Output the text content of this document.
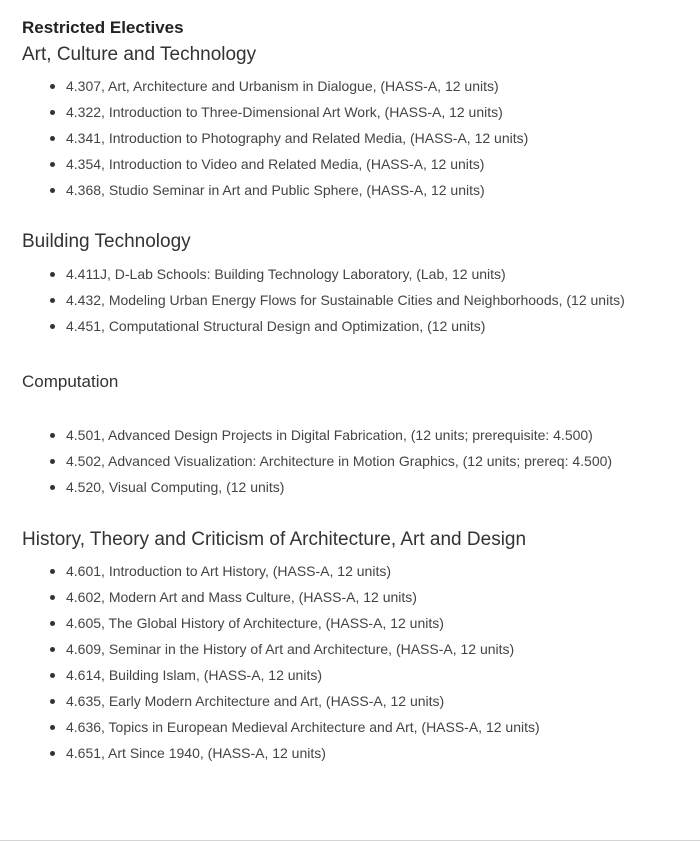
Restricted Electives
Art, Culture and Technology
4.307, Art, Architecture and Urbanism in Dialogue, (HASS-A, 12 units)
4.322, Introduction to Three-Dimensional Art Work, (HASS-A, 12 units)
4.341, Introduction to Photography and Related Media, (HASS-A, 12 units)
4.354, Introduction to Video and Related Media, (HASS-A, 12 units)
4.368, Studio Seminar in Art and Public Sphere, (HASS-A, 12 units)
Building Technology
4.411J, D-Lab Schools: Building Technology Laboratory, (Lab, 12 units)
4.432, Modeling Urban Energy Flows for Sustainable Cities and Neighborhoods, (12 units)
4.451, Computational Structural Design and Optimization, (12 units)
Computation
4.501, Advanced Design Projects in Digital Fabrication, (12 units; prerequisite: 4.500)
4.502, Advanced Visualization: Architecture in Motion Graphics, (12 units; prereq: 4.500)
4.520, Visual Computing, (12 units)
History, Theory and Criticism of Architecture, Art and Design
4.601, Introduction to Art History, (HASS-A, 12 units)
4.602, Modern Art and Mass Culture, (HASS-A, 12 units)
4.605, The Global History of Architecture, (HASS-A, 12 units)
4.609, Seminar in the History of Art and Architecture, (HASS-A, 12 units)
4.614, Building Islam, (HASS-A, 12 units)
4.635, Early Modern Architecture and Art, (HASS-A, 12 units)
4.636, Topics in European Medieval Architecture and Art, (HASS-A, 12 units)
4.651, Art Since 1940, (HASS-A, 12 units)
